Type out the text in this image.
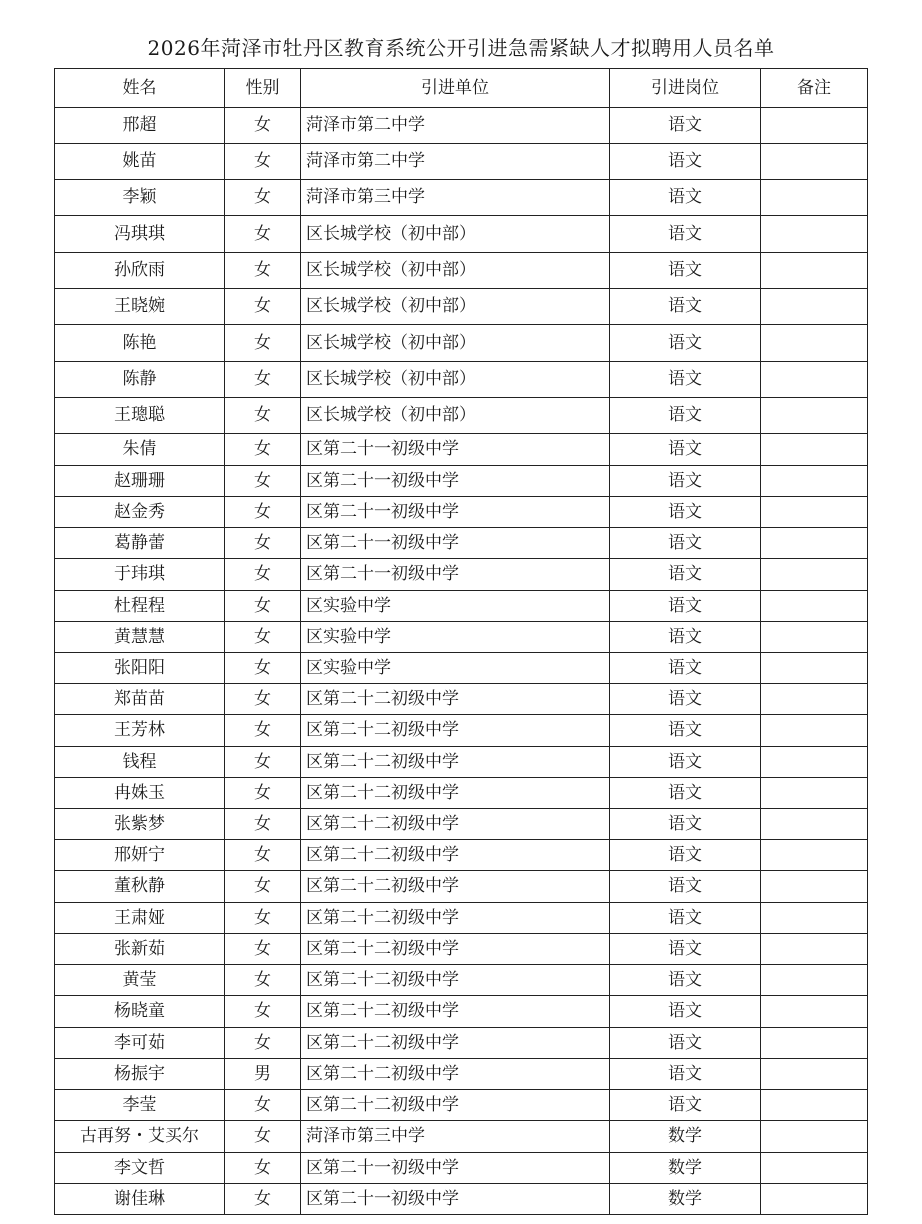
2026年菏泽市牡丹区教育系统公开引进急需紧缺人才拟聘用人员名单
姓名	性别	引进单位	引进岗位	备注
邢超	女	菏泽市第二中学	语文	
姚苗	女	菏泽市第二中学	语文	
李颖	女	菏泽市第三中学	语文	
冯琪琪	女	区长城学校（初中部）	语文	
孙欣雨	女	区长城学校（初中部）	语文	
王晓婉	女	区长城学校（初中部）	语文	
陈艳	女	区长城学校（初中部）	语文	
陈静	女	区长城学校（初中部）	语文	
王璁聪	女	区长城学校（初中部）	语文	
朱倩	女	区第二十一初级中学	语文	
赵珊珊	女	区第二十一初级中学	语文	
赵金秀	女	区第二十一初级中学	语文	
葛静蕾	女	区第二十一初级中学	语文	
于玮琪	女	区第二十一初级中学	语文	
杜程程	女	区实验中学	语文	
黄慧慧	女	区实验中学	语文	
张阳阳	女	区实验中学	语文	
郑苗苗	女	区第二十二初级中学	语文	
王芳林	女	区第二十二初级中学	语文	
钱程	女	区第二十二初级中学	语文	
冉姝玉	女	区第二十二初级中学	语文	
张紫梦	女	区第二十二初级中学	语文	
邢妍宁	女	区第二十二初级中学	语文	
董秋静	女	区第二十二初级中学	语文	
王肃娅	女	区第二十二初级中学	语文	
张新茹	女	区第二十二初级中学	语文	
黄莹	女	区第二十二初级中学	语文	
杨晓童	女	区第二十二初级中学	语文	
李可茹	女	区第二十二初级中学	语文	
杨振宇	男	区第二十二初级中学	语文	
李莹	女	区第二十二初级中学	语文	
古再努・艾买尔	女	菏泽市第三中学	数学	
李文哲	女	区第二十一初级中学	数学	
谢佳琳	女	区第二十一初级中学	数学	
